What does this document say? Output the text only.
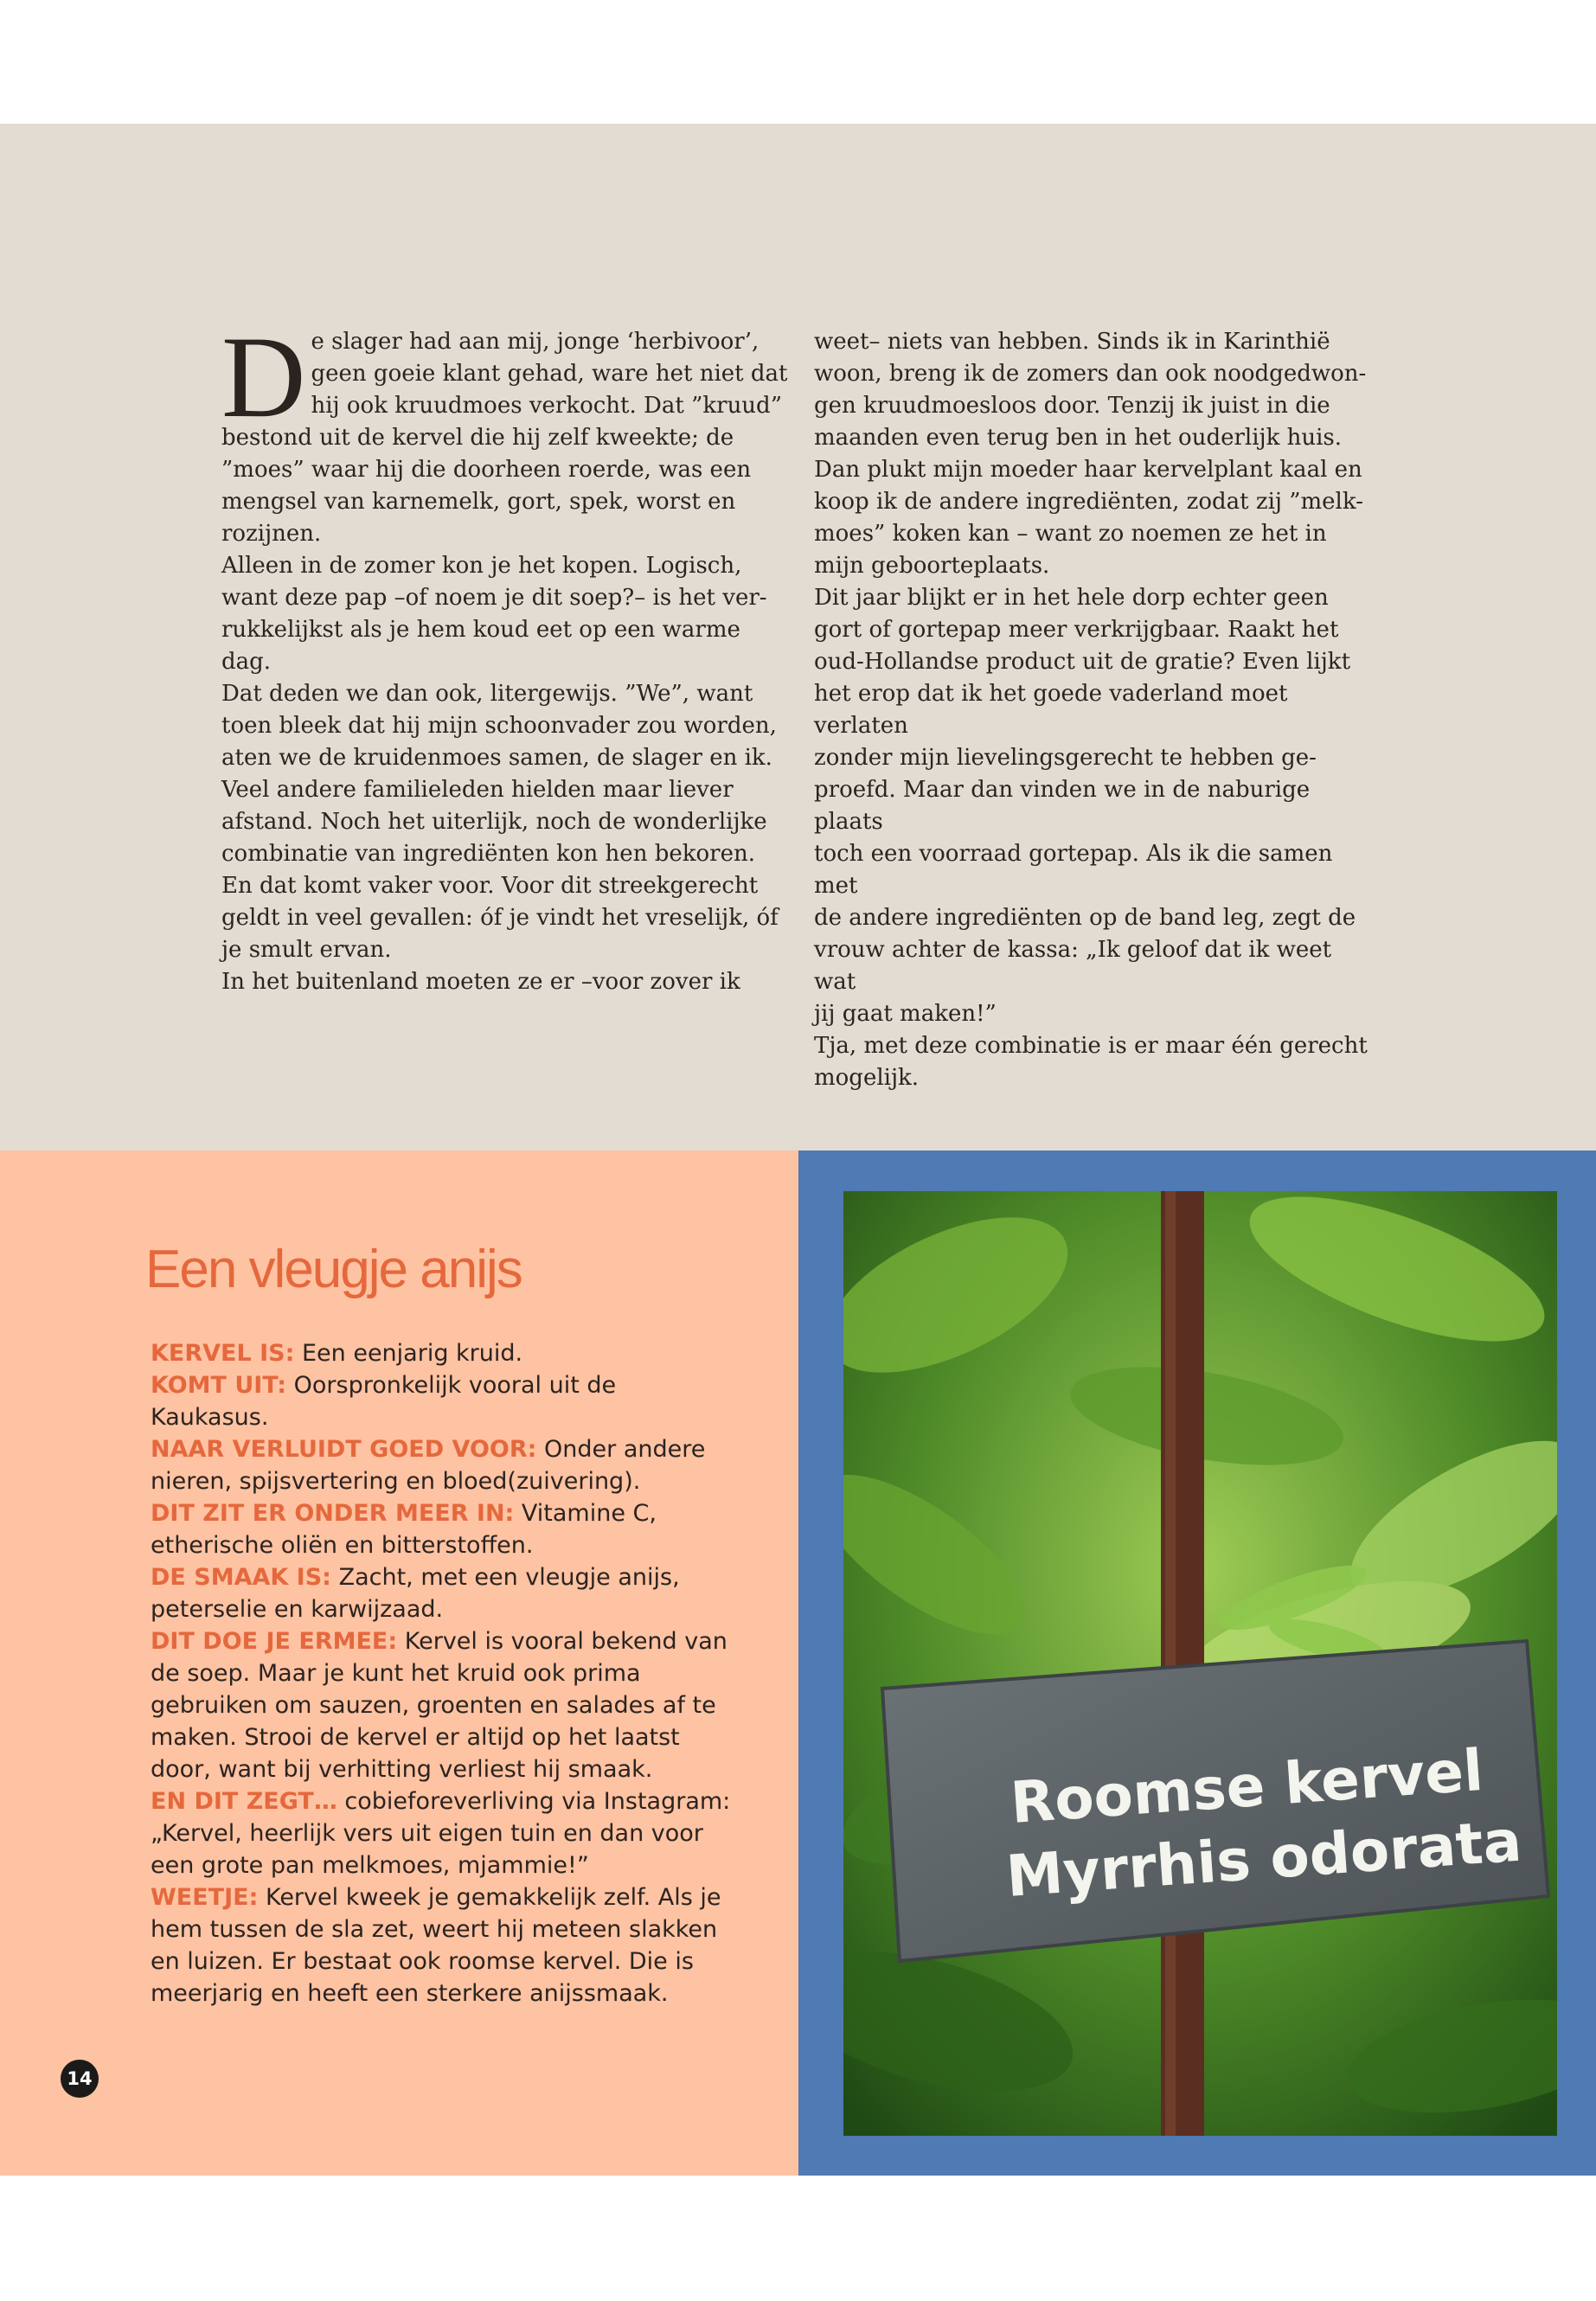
De slager had aan mij, jonge ‘herbivoor’,
geen goeie klant gehad, ware het niet dat
hij ook kruudmoes verkocht. Dat ”kruud”
bestond uit de kervel die hij zelf kweekte; de
”moes” waar hij die doorheen roerde, was een
mengsel van karnemelk, gort, spek, worst en
rozijnen.
Alleen in de zomer kon je het kopen. Logisch,
want deze pap –of noem je dit soep?– is het ver-
rukkelijkst als je hem koud eet op een warme dag.
Dat deden we dan ook, litergewijs. ”We”, want
toen bleek dat hij mijn schoonvader zou worden,
aten we de kruidenmoes samen, de slager en ik.
Veel andere familieleden hielden maar liever
afstand. Noch het uiterlijk, noch de wonderlijke
combinatie van ingrediënten kon hen bekoren.
En dat komt vaker voor. Voor dit streekgerecht
geldt in veel gevallen: óf je vindt het vreselijk, óf
je smult ervan.
In het buitenland moeten ze er –voor zover ik
weet– niets van hebben. Sinds ik in Karinthië
woon, breng ik de zomers dan ook noodgedwon-
gen kruudmoesloos door. Tenzij ik juist in die
maanden even terug ben in het ouderlijk huis.
Dan plukt mijn moeder haar kervelplant kaal en
koop ik de andere ingrediënten, zodat zij ”melk-
moes” koken kan – want zo noemen ze het in
mijn geboorteplaats.
Dit jaar blijkt er in het hele dorp echter geen
gort of gortepap meer verkrijgbaar. Raakt het
oud-Hollandse product uit de gratie? Even lijkt
het erop dat ik het goede vaderland moet verlaten
zonder mijn lievelingsgerecht te hebben ge-
proefd. Maar dan vinden we in de naburige plaats
toch een voorraad gortepap. Als ik die samen met
de andere ingrediënten op de band leg, zegt de
vrouw achter de kassa: „Ik geloof dat ik weet wat
jij gaat maken!”
Tja, met deze combinatie is er maar één gerecht
mogelijk.
Een vleugje anijs

KERVEL IS: Een eenjarig kruid.

KOMT UIT: Oorspronkelijk vooral uit de Kaukasus.

NAAR VERLUIDT GOED VOOR: Onder andere nieren, spijsvertering en bloed(zuivering).

DIT ZIT ER ONDER MEER IN: Vitamine C, etherische oliën en bitterstoffen.

DE SMAAK IS: Zacht, met een vleugje anijs, peterselie en karwijzaad.

DIT DOE JE ERMEE: Kervel is vooral bekend van de soep. Maar je kunt het kruid ook prima gebruiken om sauzen, groenten en salades af te maken. Strooi de kervel er altijd op het laatst door, want bij verhitting verliest hij smaak.

EN DIT ZEGT… cobieforeverliving via Instagram: „Kervel, heerlijk vers uit eigen tuin en dan voor een grote pan melkmoes, mjammie!”

WEETJE: Kervel kweek je gemakkelijk zelf. Als je hem tussen de sla zet, weert hij meteen slakken en luizen. Er bestaat ook roomse kervel. Die is meerjarig en heeft een sterkere anijssmaak.

14
Roomse kervel
Myrrhis odorata
